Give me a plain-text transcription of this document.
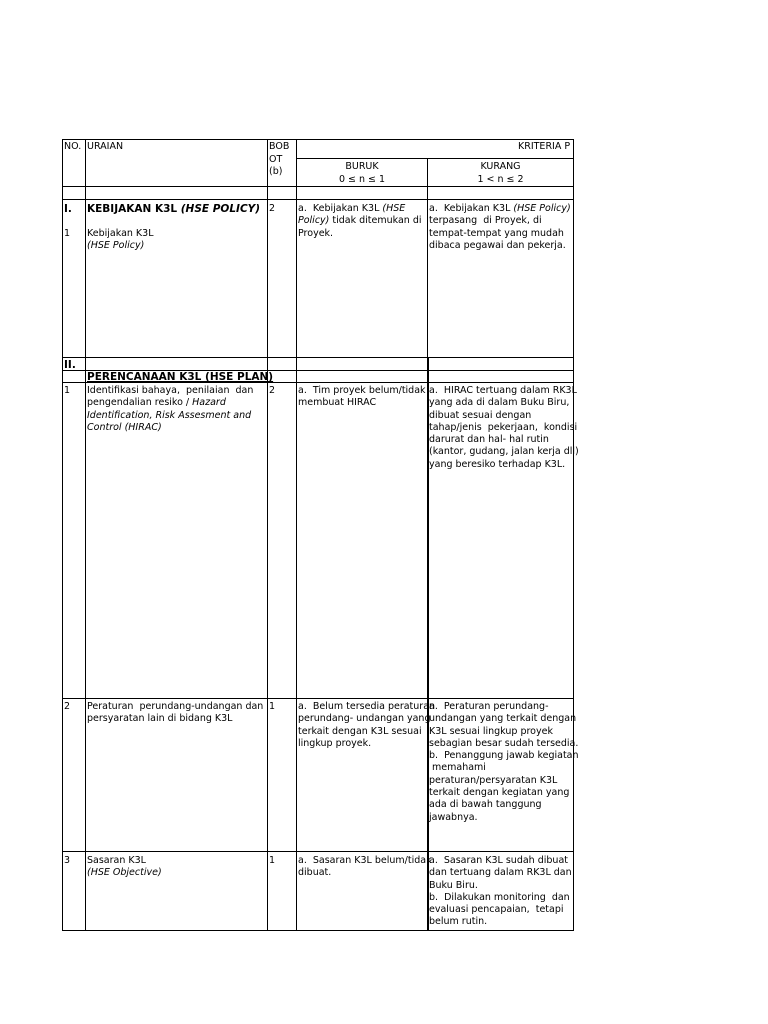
NO. URAIAN	BOB
OT
(b)
KRITERIA P
BURUK
0 ≤ n ≤ 1
KURANG
1 < n ≤ 2
I. KEBIJAKAN K3L (HSE POLICY) 2
1 Kebijakan K3L
(HSE Policy)
a.  Kebijakan K3L (HSE
Policy) tidak ditemukan di
Proyek.
a.  Kebijakan K3L (HSE Policy)
terpasang  di Proyek, di
tempat-tempat yang mudah
dibaca pegawai dan pekerja.
II.
PERENCANAAN K3L (HSE PLAN)
1 Identifikasi bahaya,  penilaian  dan
pengendalian resiko / Hazard
Identification, Risk Assesment and
Control (HIRAC)
2 a.  Tim proyek belum/tidak
membuat HIRAC
a.  HIRAC tertuang dalam RK3L
yang ada di dalam Buku Biru,
dibuat sesuai dengan
tahap/jenis  pekerjaan,  kondisi
darurat dan hal- hal rutin
(kantor, gudang, jalan kerja dll)
yang beresiko terhadap K3L.
2 Peraturan  perundang-undangan dan
persyaratan lain di bidang K3L
1 a.  Belum tersedia peraturan
perundang- undangan yang
terkait dengan K3L sesuai
lingkup proyek.
a.  Peraturan perundang-
undangan yang terkait dengan
K3L sesuai lingkup proyek
sebagian besar sudah tersedia.
b.  Penanggung jawab kegiatan
memahami
peraturan/persyaratan K3L
terkait dengan kegiatan yang
ada di bawah tanggung
jawabnya.
3 Sasaran K3L
(HSE Objective)
1 a.  Sasaran K3L belum/tidak
dibuat.
a.  Sasaran K3L sudah dibuat
dan tertuang dalam RK3L dan
Buku Biru.
b.  Dilakukan monitoring  dan
evaluasi pencapaian,  tetapi
belum rutin.
